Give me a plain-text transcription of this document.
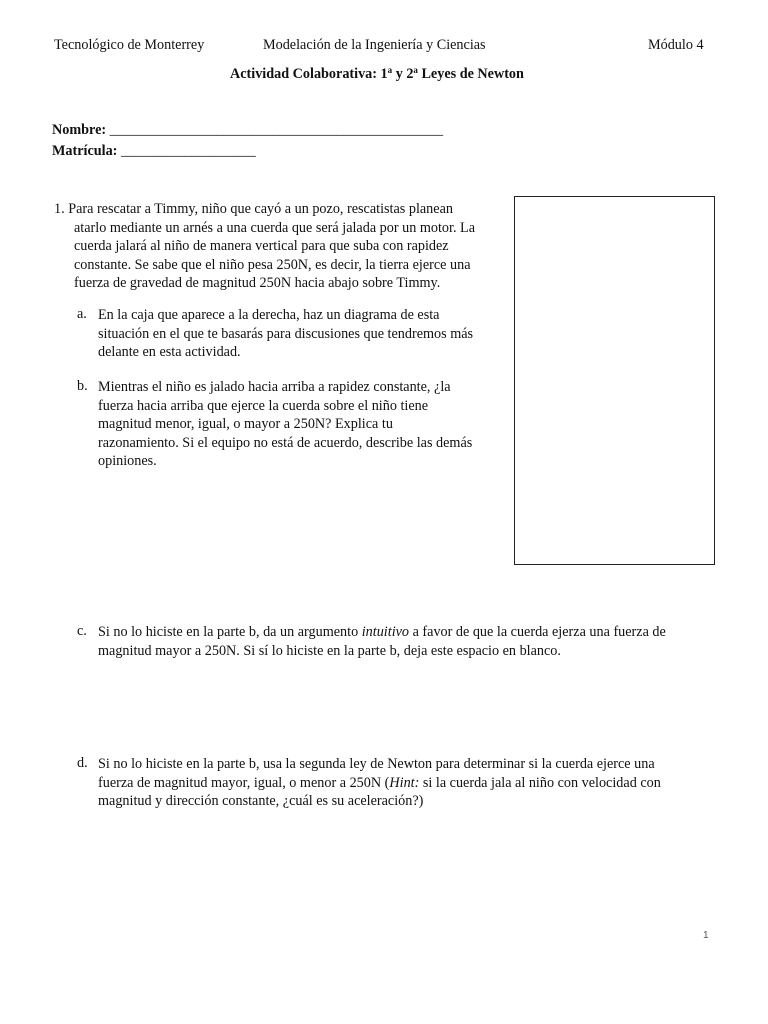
Tecnológico de Monterrey	Modelación de la Ingeniería y Ciencias	Módulo 4
Actividad Colaborativa: 1$^a$ y 2$^a$ Leyes de Newton
Nombre: _______________________________________________
Matrícula: ___________________
1. Para rescatar a Timmy, niño que cayó a un pozo, rescatistas planean
atarlo mediante un arnés a una cuerda que será jalada por un motor. La
cuerda jalará al niño de manera vertical para que suba con rapidez
constante. Se sabe que el niño pesa 250N, es decir, la tierra ejerce una
fuerza de gravedad de magnitud 250N hacia abajo sobre Timmy.
a. En la caja que aparece a la derecha, haz un diagrama de esta
situación en el que te basarás para discusiones que tendremos más
delante en esta actividad.
b. Mientras el niño es jalado hacia arriba a rapidez constante, ¿la
fuerza hacia arriba que ejerce la cuerda sobre el niño tiene
magnitud menor, igual, o mayor a 250N? Explica tu
razonamiento. Si el equipo no está de acuerdo, describe las demás
opiniones.
c. Si no lo hiciste en la parte b, da un argumento intuitivo a favor de que la cuerda ejerza una fuerza de
magnitud mayor a 250N. Si sí lo hiciste en la parte b, deja este espacio en blanco.
d. Si no lo hiciste en la parte b, usa la segunda ley de Newton para determinar si la cuerda ejerce una
fuerza de magnitud mayor, igual, o menor a 250N (Hint: si la cuerda jala al niño con velocidad con
magnitud y dirección constante, ¿cuál es su aceleración?)
1
